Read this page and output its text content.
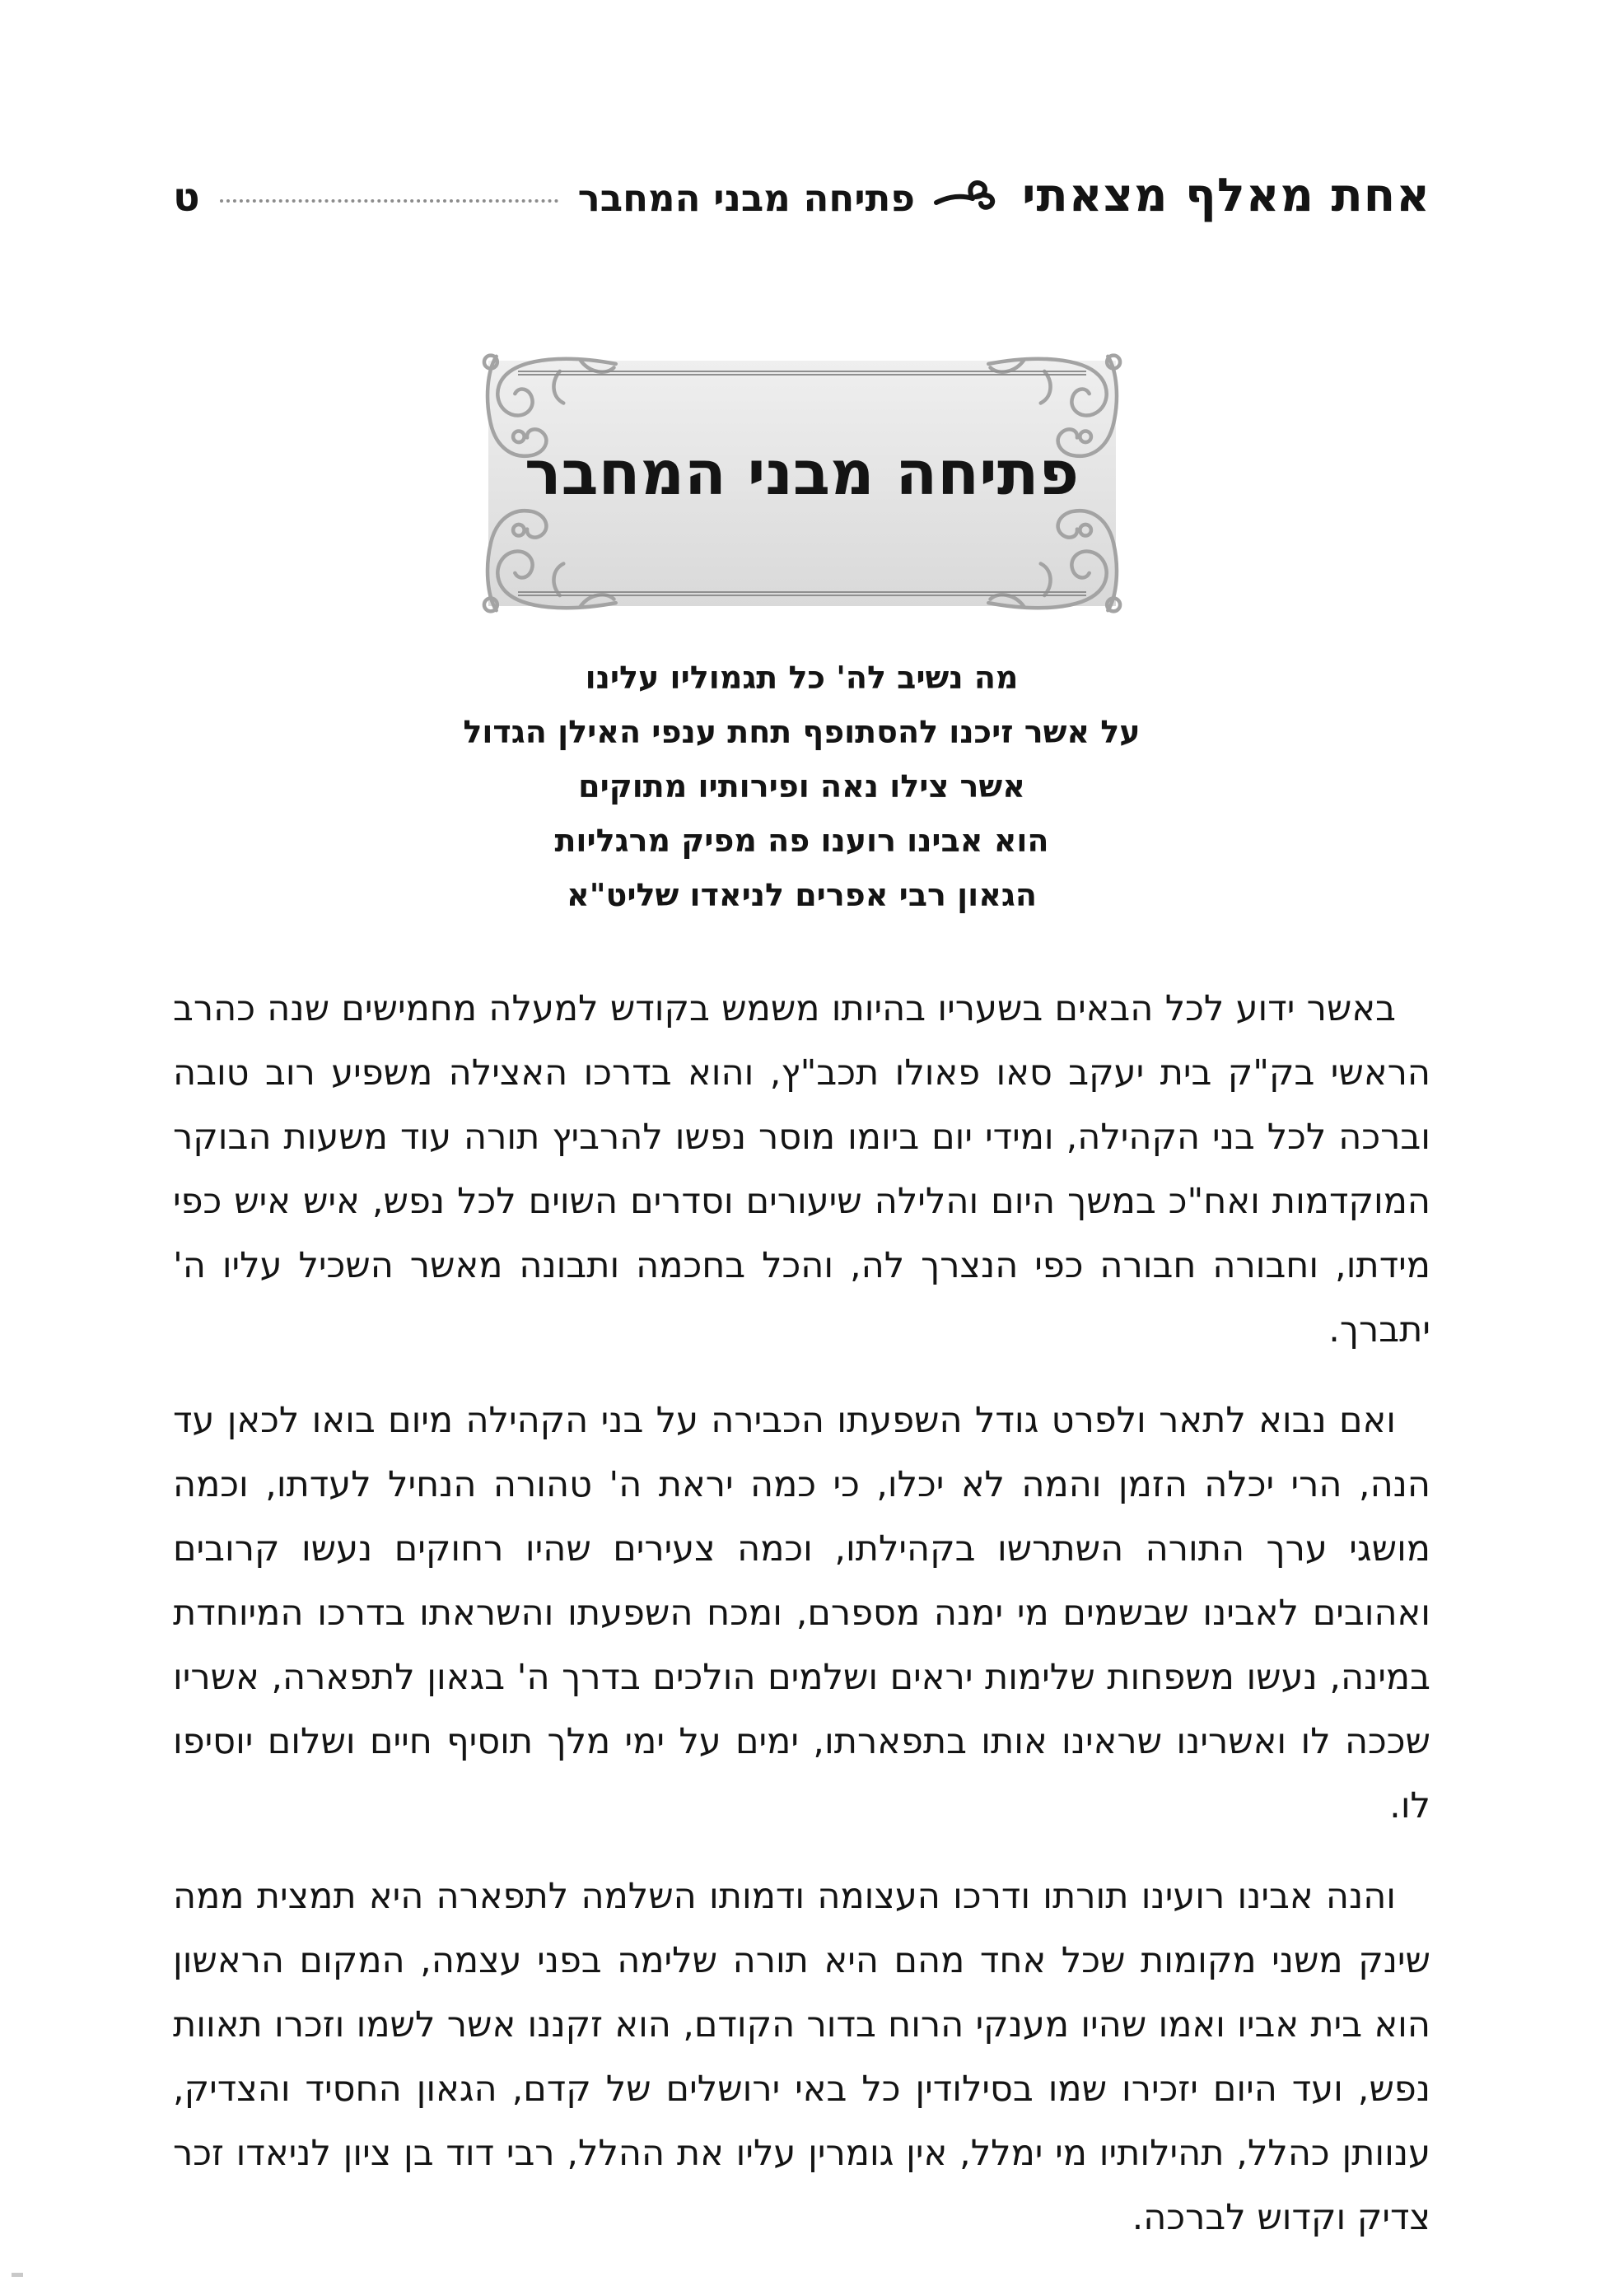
אחת מאלף מצאתי
פתיחה מבני המחבר
ט
פתיחה מבני המחבר
מה נשיב לה' כל תגמוליו עלינו
על אשר זיכנו להסתופף תחת ענפי האילן הגדול
אשר צילו נאה ופירותיו מתוקים
הוא אבינו רוענו פה מפיק מרגליות
הגאון רבי אפרים לניאדו שליט"א

באשר ידוע לכל הבאים בשעריו בהיותו משמש בקודש למעלה מחמישים שנה כהרב הראשי בק"ק בית יעקב סאו פאולו תכב"ץ, והוא בדרכו האצילה משפיע רוב טובה וברכה לכל בני הקהילה, ומידי יום ביומו מוסר נפשו להרביץ תורה עוד משעות הבוקר המוקדמות ואח"כ במשך היום והלילה שיעורים וסדרים השוים לכל נפש, איש איש כפי מידתו, וחבורה חבורה כפי הנצרך לה, והכל בחכמה ותבונה מאשר השכיל עליו ה' יתברך.

ואם נבוא לתאר ולפרט גודל השפעתו הכבירה על בני הקהילה מיום בואו לכאן עד הנה, הרי יכלה הזמן והמה לא יכלו, כי כמה יראת ה' טהורה הנחיל לעדתו, וכמה מושגי ערך התורה השתרשו בקהילתו, וכמה צעירים שהיו רחוקים נעשו קרובים ואהובים לאבינו שבשמים מי ימנה מספרם, ומכח השפעתו והשראתו בדרכו המיוחדת במינה, נעשו משפחות שלימות יראים ושלמים הולכים בדרך ה' בגאון לתפארה, אשריו שככה לו ואשרינו שראינו אותו בתפארתו, ימים על ימי מלך תוסיף חיים ושלום יוסיפו לו.

והנה אבינו רועינו תורתו ודרכו העצומה ודמותו השלמה לתפארה היא תמצית ממה שינק משני מקומות שכל אחד מהם היא תורה שלימה בפני עצמה, המקום הראשון הוא בית אביו ואמו שהיו מענקי הרוח בדור הקודם, הוא זקננו אשר לשמו וזכרו תאוות נפש, ועד היום יזכירו שמו בסילודין כל באי ירושלים של קדם, הגאון החסיד והצדיק, ענוותן כהלל, תהילותיו מי ימלל, אין גומרין עליו את ההלל, רבי דוד בן ציון לניאדו זכר צדיק וקדוש לברכה.
